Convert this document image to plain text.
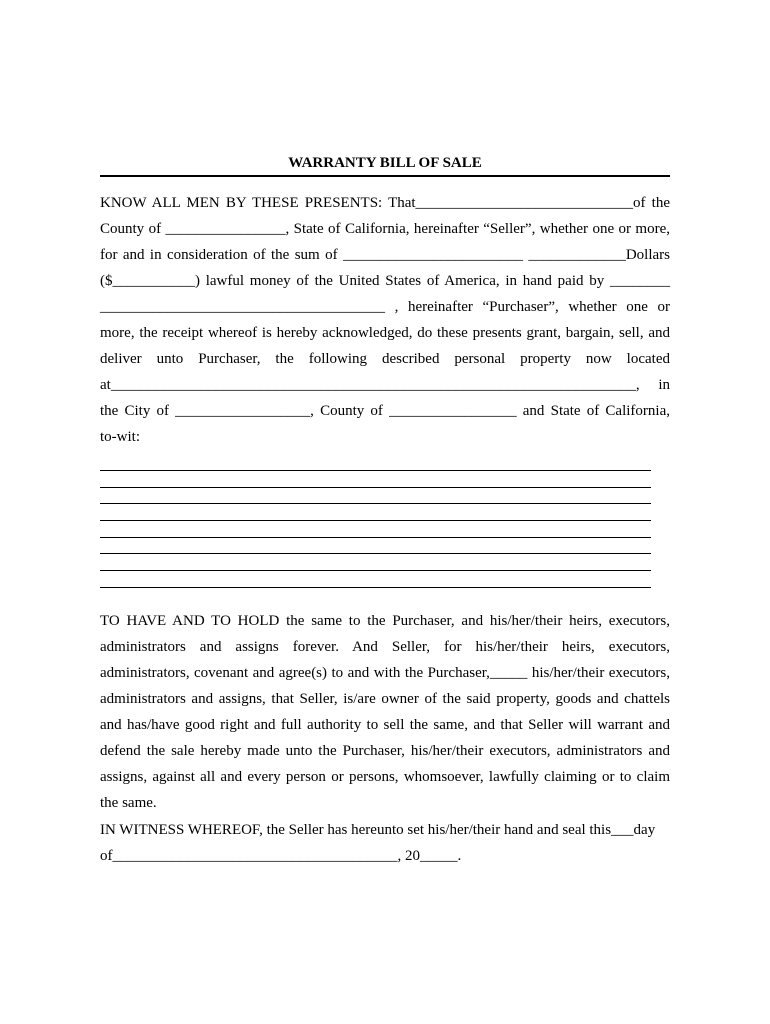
WARRANTY BILL OF SALE
KNOW ALL MEN BY THESE PRESENTS: That_____________________________of the
County of ________________, State of California, hereinafter “Seller”, whether one or more,
for and in consideration of the sum of ________________________ _____________Dollars
($___________) lawful money of the United States of America, in hand paid by ________
______________________________________ , hereinafter “Purchaser”, whether one or
more, the receipt whereof is hereby acknowledged, do these presents grant, bargain, sell, and
deliver unto Purchaser, the following described personal property now located
at______________________________________________________________________, in
the City of __________________, County of _________________ and State of California,
to-wit:
TO HAVE AND TO HOLD the same to the Purchaser, and his/her/their heirs, executors,
administrators and assigns forever. And Seller, for his/her/their heirs, executors,
administrators, covenant and agree(s) to and with the Purchaser,_____ his/her/their executors,
administrators and assigns, that Seller, is/are owner of the said property, goods and chattels
and has/have good right and full authority to sell the same, and that Seller will warrant and
defend the sale hereby made unto the Purchaser, his/her/their executors, administrators and
assigns, against all and every person or persons, whomsoever, lawfully claiming or to claim
the same.
IN WITNESS WHEREOF, the Seller has hereunto set his/her/their hand and seal this___day
of______________________________________, 20_____.
